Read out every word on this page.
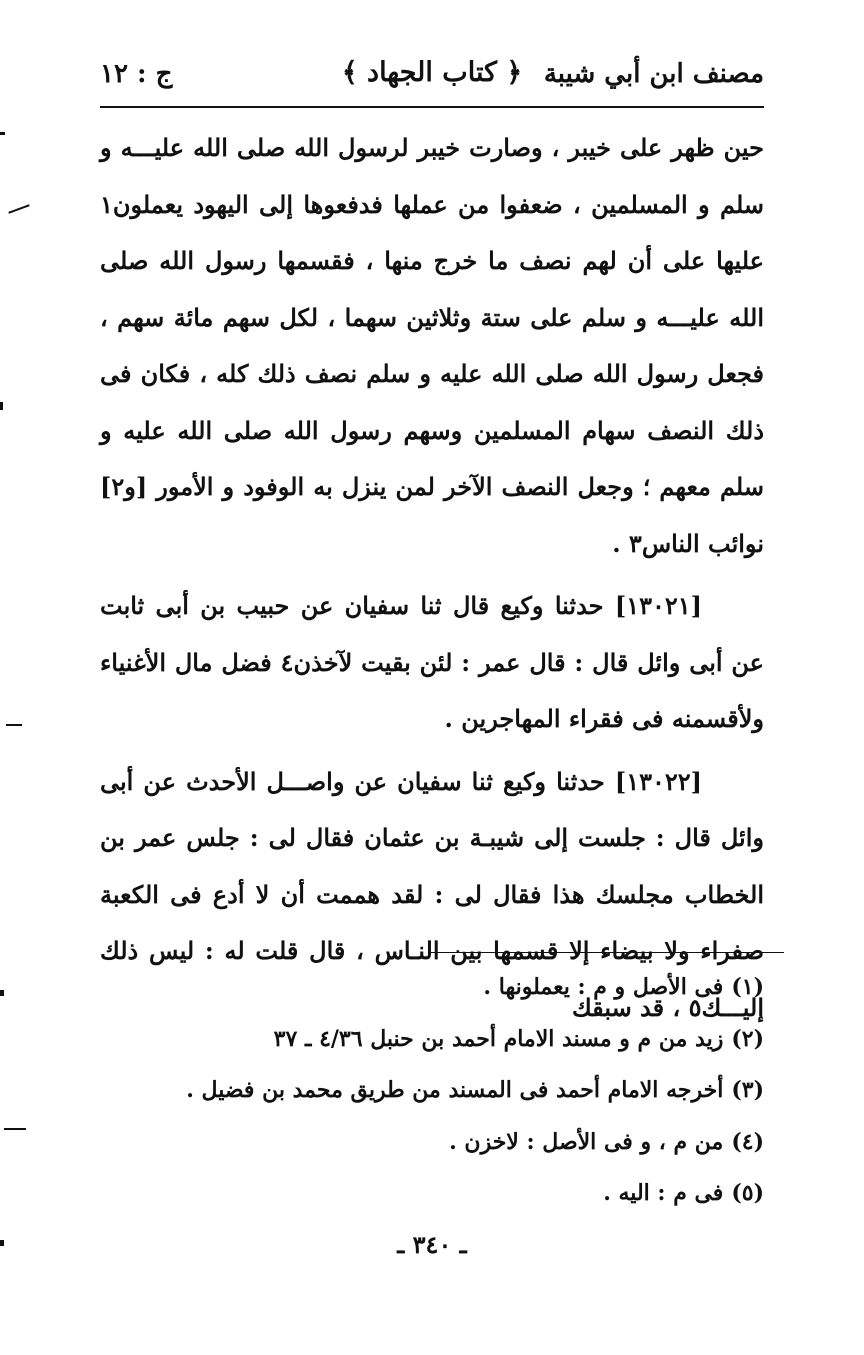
مصنف ابن أبي شيبة
﴿ كتاب الجهاد ﴾
ج : ١٢

حين ظهر على خيبر ، وصارت خيبر لرسول الله صلى الله عليـــه و سلم و المسلمين ، ضعفوا من عملها فدفعوها إلى اليهود يعملون١ عليها على أن لهم نصف ما خرج منها ، فقسمها رسول الله صلى الله عليـــه و سلم على ستة وثلاثين سهما ، لكل سهم مائة سهم ، فجعل رسول الله صلى الله عليه و سلم نصف ذلك كله ، فكان فى ذلك النصف سهام المسلمين وسهم رسول الله صلى الله عليه و سلم معهم ؛ وجعل النصف الآخر لمن ينزل به الوفود و الأمور [و٢] نوائب الناس٣ .

[١٣٠٢١] حدثنا وكيع قال ثنا سفيان عن حبيب بن أبى ثابت عن أبى وائل قال : قال عمر : لئن بقيت لآخذن٤ فضل مال الأغنياء ولأقسمنه فى فقراء المهاجرين .

[١٣٠٢٢] حدثنا وكيع ثنا سفيان عن واصـــل الأحدث عن أبى وائل قال : جلست إلى شيبـة بن عثمان فقال لى : جلس عمر بن الخطاب مجلسك هذا فقال لى : لقد هممت أن لا أدع فى الكعبة صفراء ولا بيضاء إلا قسمها بين النـاس ، قال قلت له : ليس ذلك إليـــك٥ ، قد سبقك

(١)فى الأصل و م : يعملونها .

(٢)زيد من م و مسند الامام أحمد بن حنبل ٤/٣٦ ـ ٣٧

(٣)أخرجه الامام أحمد فى المسند من طريق محمد بن فضيل .

(٤)من م ، و فى الأصل : لاخزن .

(٥)فى م : اليه .

ـ ٣٤٠ ـ
